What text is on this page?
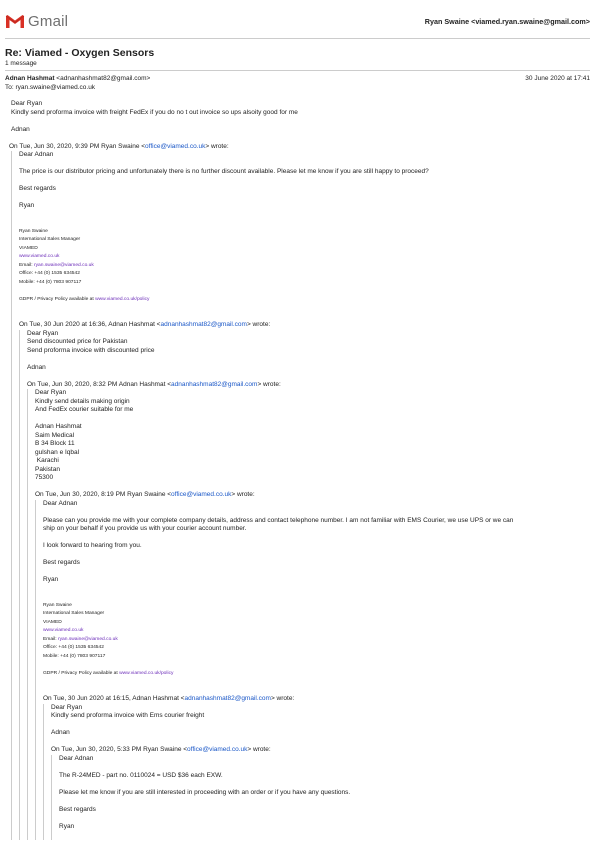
Gmail	Ryan Swaine <viamed.ryan.swaine@gmail.com>
Re: Viamed - Oxygen Sensors
1 message
Adnan Hashmat <adnanhashmat82@gmail.com>	30 June 2020 at 17:41
To: ryan.swaine@viamed.co.uk
Dear Ryan
Kindly send proforma invoice with freight FedEx if you do no t out invoice so ups alsoity good for me
Adnan
On Tue, Jun 30, 2020, 9:39 PM Ryan Swaine <office@viamed.co.uk> wrote:
Dear Adnan
The price is our distributor pricing and unfortunately there is no further discount available. Please let me know if you are still happy to proceed?
Best regards
Ryan
Ryan Swaine
International Sales Manager
VIAMED
www.viamed.co.uk
Email: ryan.swaine@viamed.co.uk
Office: +44 (0) 1535 634542
Mobile: +44 (0) 7803 907117
GDPR / Privacy Policy available at www.viamed.co.uk/policy
On Tue, 30 Jun 2020 at 16:36, Adnan Hashmat <adnanhashmat82@gmail.com> wrote:
Dear Ryan
Send discounted price for Pakistan
Send proforma invoice with discounted price
Adnan
On Tue, Jun 30, 2020, 8:32 PM Adnan Hashmat <adnanhashmat82@gmail.com> wrote:
Dear Ryan
Kindly send details making origin
And FedEx courier suitable for me
Adnan Hashmat
Saim Medical
B 34 Block 11
gulshan e Iqbal
Karachi
Pakistan
75300
On Tue, Jun 30, 2020, 8:19 PM Ryan Swaine <office@viamed.co.uk> wrote:
Dear Adnan
Please can you provide me with your complete company details, address and contact telephone number. I am not familiar with EMS Courier, we use UPS or we can
ship on your behalf if you provide us with your courier account number.
I look forward to hearing from you.
Best regards
Ryan
Ryan Swaine
International Sales Manager
VIAMED
www.viamed.co.uk
Email: ryan.swaine@viamed.co.uk
Office: +44 (0) 1535 634542
Mobile: +44 (0) 7803 907117
GDPR / Privacy Policy available at www.viamed.co.uk/policy
On Tue, 30 Jun 2020 at 16:15, Adnan Hashmat <adnanhashmat82@gmail.com> wrote:
Dear Ryan
Kindly send proforma invoice with Ems courier freight
Adnan
On Tue, Jun 30, 2020, 5:33 PM Ryan Swaine <office@viamed.co.uk> wrote:
Dear Adnan
The R-24MED - part no. 0110024 = USD $36 each EXW.
Please let me know if you are still interested in proceeding with an order or if you have any questions.
Best regards
Ryan
